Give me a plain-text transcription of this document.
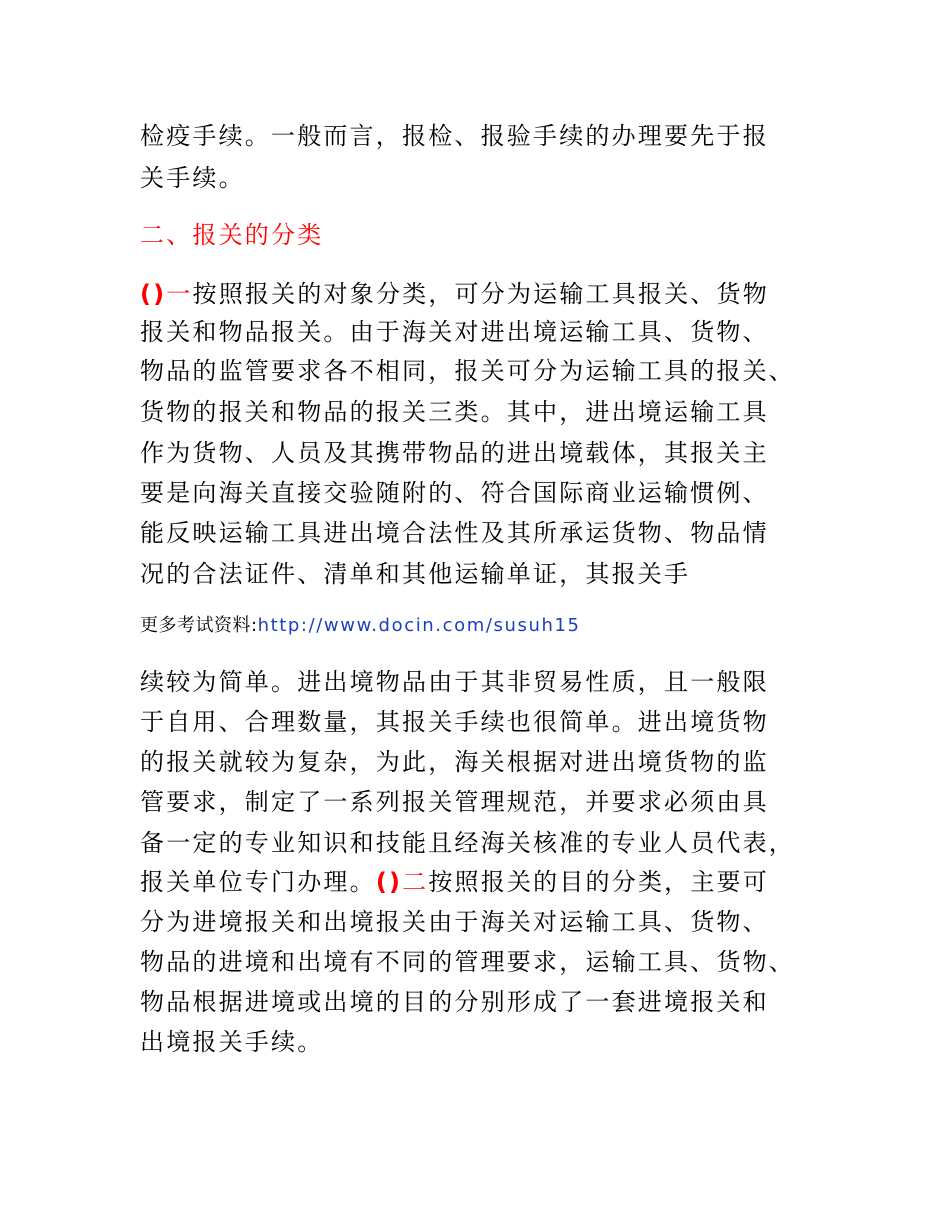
检疫手续。一般而言，报检、报验手续的办理要先于报
关手续。
二、报关的分类
()一按照报关的对象分类，可分为运输工具报关、货物
报关和物品报关。由于海关对进出境运输工具、货物、
物品的监管要求各不相同，报关可分为运输工具的报关、
货物的报关和物品的报关三类。其中，进出境运输工具
作为货物、人员及其携带物品的进出境载体，其报关主
要是向海关直接交验随附的、符合国际商业运输惯例、
能反映运输工具进出境合法性及其所承运货物、物品情
况的合法证件、清单和其他运输单证，其报关手
更多考试资料:http://www.docin.com/susuh15
续较为简单。进出境物品由于其非贸易性质，且一般限
于自用、合理数量，其报关手续也很简单。进出境货物
的报关就较为复杂，为此，海关根据对进出境货物的监
管要求，制定了一系列报关管理规范，并要求必须由具
备一定的专业知识和技能且经海关核准的专业人员代表，
报关单位专门办理。()二按照报关的目的分类，主要可
分为进境报关和出境报关由于海关对运输工具、货物、
物品的进境和出境有不同的管理要求，运输工具、货物、
物品根据进境或出境的目的分别形成了一套进境报关和
出境报关手续。
